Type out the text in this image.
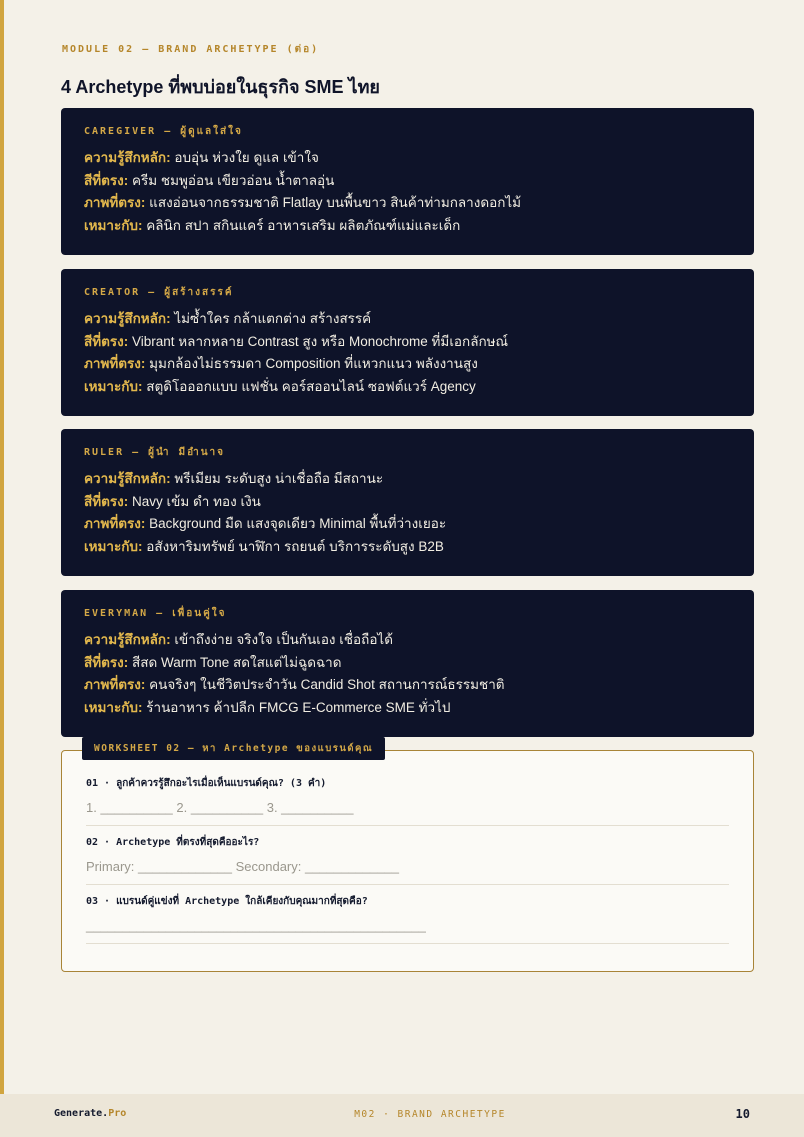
MODULE 02 — BRAND ARCHETYPE (ต่อ)
4 Archetype ที่พบบ่อยในธุรกิจ SME ไทย
CAREGIVER — ผู้ดูแลใส่ใจ
ความรู้สึกหลัก: อบอุ่น ห่วงใย ดูแล เข้าใจ
สีที่ตรง: ครีม ชมพูอ่อน เขียวอ่อน น้ำตาลอุ่น
ภาพที่ตรง: แสงอ่อนจากธรรมชาติ Flatlay บนพื้นขาว สินค้าท่ามกลางดอกไม้
เหมาะกับ: คลินิก สปา สกินแคร์ อาหารเสริม ผลิตภัณฑ์แม่และเด็ก
CREATOR — ผู้สร้างสรรค์
ความรู้สึกหลัก: ไม่ซ้ำใคร กล้าแตกต่าง สร้างสรรค์
สีที่ตรง: Vibrant หลากหลาย Contrast สูง หรือ Monochrome ที่มีเอกลักษณ์
ภาพที่ตรง: มุมกล้องไม่ธรรมดา Composition ที่แหวกแนว พลังงานสูง
เหมาะกับ: สตูดิโอออกแบบ แฟชั่น คอร์สออนไลน์ ซอฟต์แวร์ Agency
RULER — ผู้นำ มีอำนาจ
ความรู้สึกหลัก: พรีเมียม ระดับสูง น่าเชื่อถือ มีสถานะ
สีที่ตรง: Navy เข้ม ดำ ทอง เงิน
ภาพที่ตรง: Background มืด แสงจุดเดียว Minimal พื้นที่ว่างเยอะ
เหมาะกับ: อสังหาริมทรัพย์ นาฬิกา รถยนต์ บริการระดับสูง B2B
EVERYMAN — เพื่อนคู่ใจ
ความรู้สึกหลัก: เข้าถึงง่าย จริงใจ เป็นกันเอง เชื่อถือได้
สีที่ตรง: สีสด Warm Tone สดใสแต่ไม่ฉูดฉาด
ภาพที่ตรง: คนจริงๆ ในชีวิตประจำวัน Candid Shot สถานการณ์ธรรมชาติ
เหมาะกับ: ร้านอาหาร ค้าปลีก FMCG E-Commerce SME ทั่วไป
WORKSHEET 02 — หา Archetype ของแบรนด์คุณ
01 · ลูกค้าควรรู้สึกอะไรเมื่อเห็นแบรนด์คุณ? (3 คำ)
1. __________ 2. __________ 3. __________
02 · Archetype ที่ตรงที่สุดคืออะไร?
Primary: _____________ Secondary: _____________
03 · แบรนด์คู่แข่งที่ Archetype ใกล้เคียงกับคุณมากที่สุดคือ?
_______________________________________________
Generate.Pro	M02 · BRAND ARCHETYPE	10
